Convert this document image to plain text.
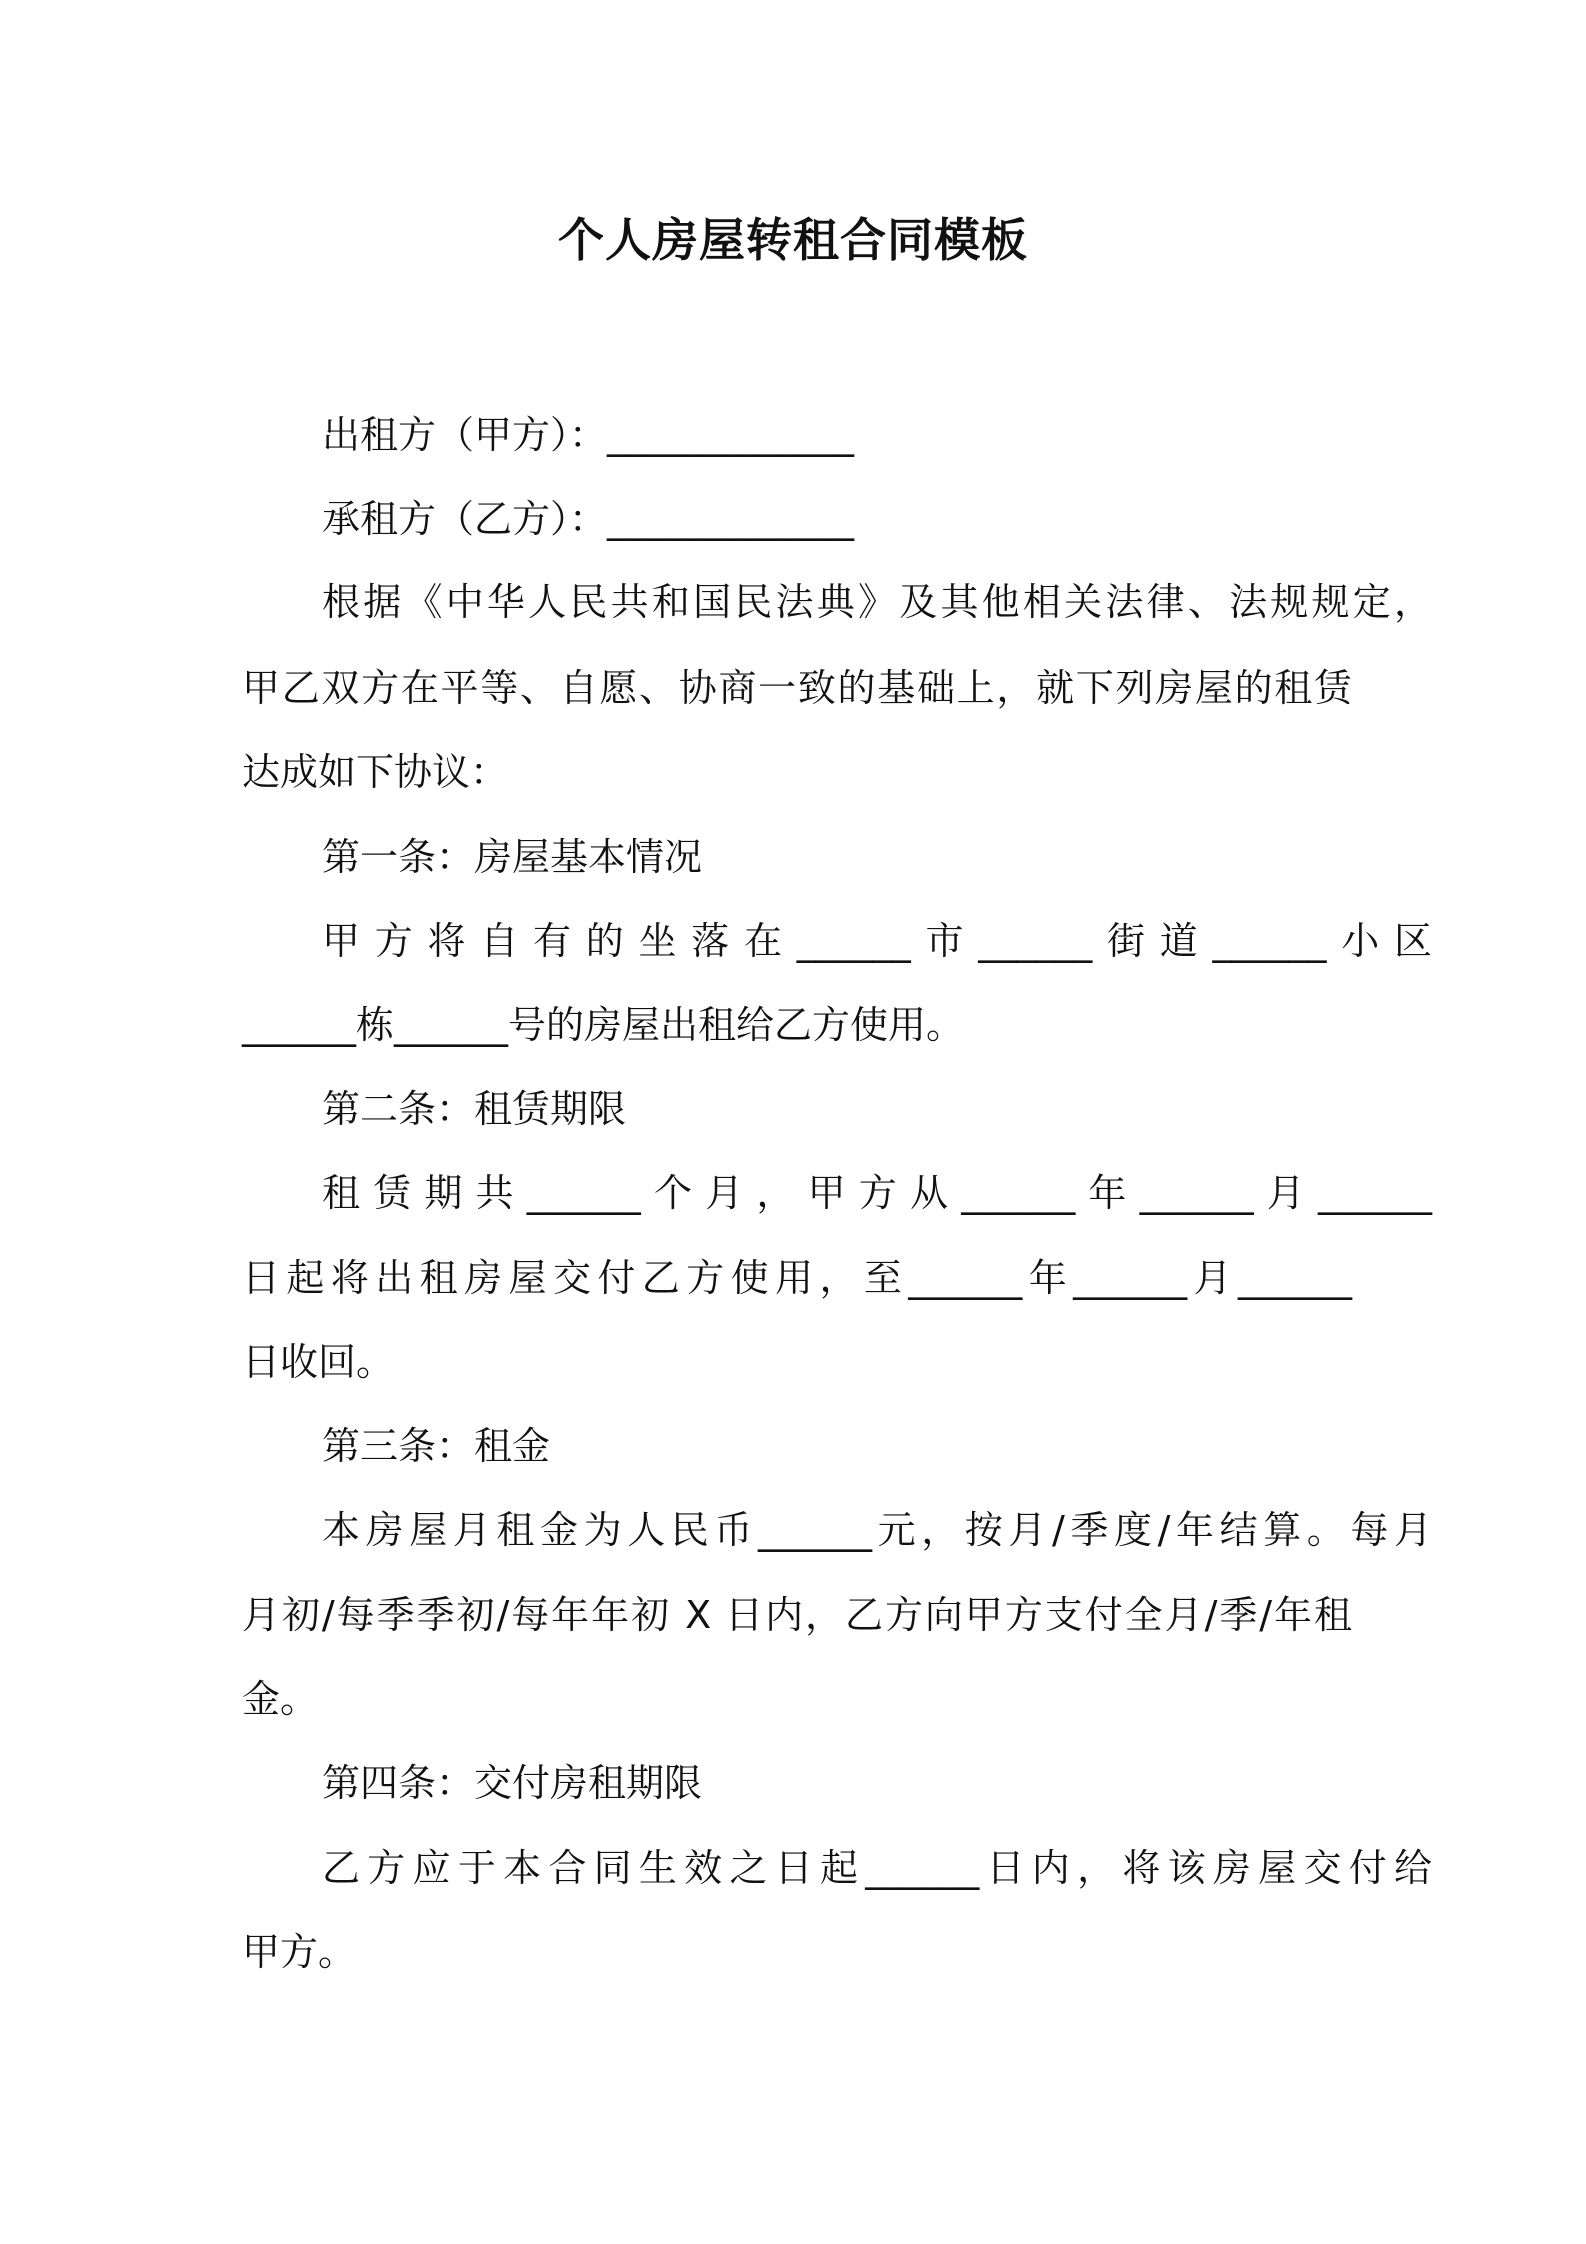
个人房屋转租合同模板
出租方（甲方）：_____________
承租方（乙方）：_____________
根据《中华人民共和国民法典》及其他相关法律、法规规定，
甲乙双方在平等、自愿、协商一致的基础上，就下列房屋的租赁
达成如下协议：
第一条：房屋基本情况
甲方将自有的坐落在______市______街道______小区
______栋______号的房屋出租给乙方使用。
第二条：租赁期限
租赁期共______个月，甲方从______年______月______
日起将出租房屋交付乙方使用，至______年______月______
日收回。
第三条：租金
本房屋月租金为人民币______元，按月/季度/年结算。每月
月初/每季季初/每年年初 X 日内，乙方向甲方支付全月/季/年租
金。
第四条：交付房租期限
乙方应于本合同生效之日起______日内，将该房屋交付给
甲方。
